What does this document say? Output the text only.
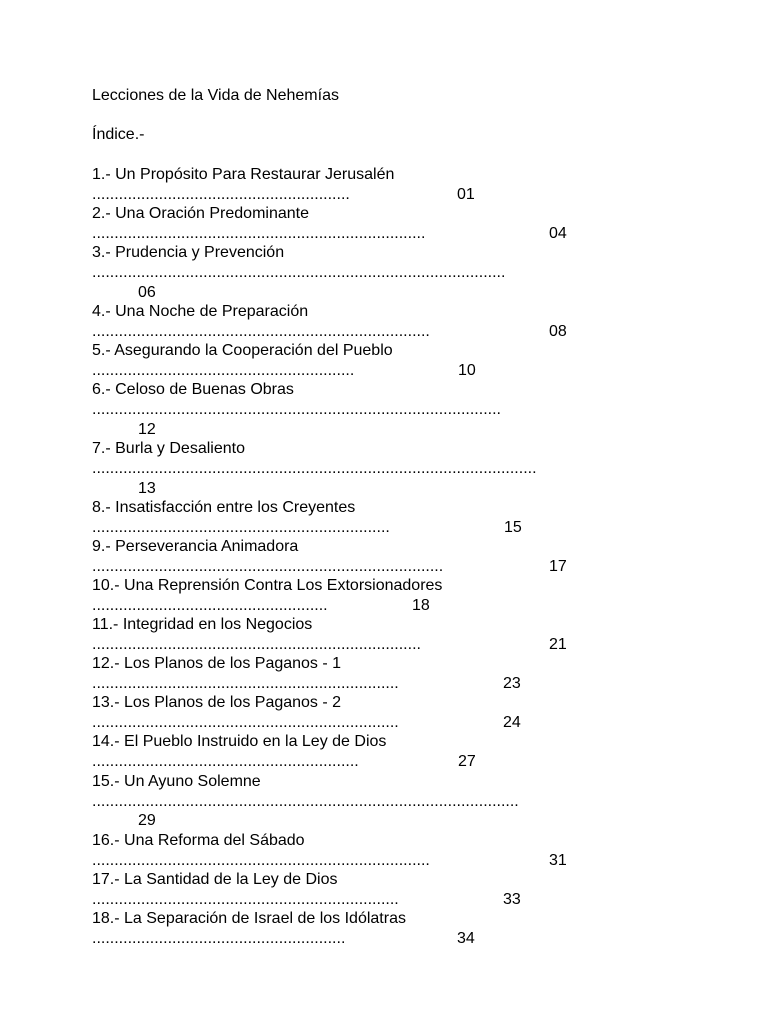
Lecciones de la Vida de Nehemías
Índice.-
1.- Un Propósito Para Restaurar Jerusalén
..........................................................	01
2.- Una Oración Predominante
...........................................................................	04
3.- Prudencia y Prevención
.............................................................................................
06
4.- Una Noche de Preparación
............................................................................	08
5.- Asegurando la Cooperación del Pueblo
...........................................................	10
6.- Celoso de Buenas Obras
............................................................................................
12
7.- Burla y Desaliento
....................................................................................................
13
8.- Insatisfacción entre los Creyentes
...................................................................	15
9.- Perseverancia Animadora
...............................................................................	17
10.- Una Reprensión Contra Los Extorsionadores
.....................................................	18
11.- Integridad en los Negocios
..........................................................................	21
12.- Los Planos de los Paganos - 1
.....................................................................	23
13.- Los Planos de los Paganos - 2
.....................................................................	24
14.- El Pueblo Instruido en la Ley de Dios
............................................................	27
15.- Un Ayuno Solemne
................................................................................................
29
16.- Una Reforma del Sábado
............................................................................	31
17.- La Santidad de la Ley de Dios
.....................................................................	33
18.- La Separación de Israel de los Idólatras
.........................................................	34
